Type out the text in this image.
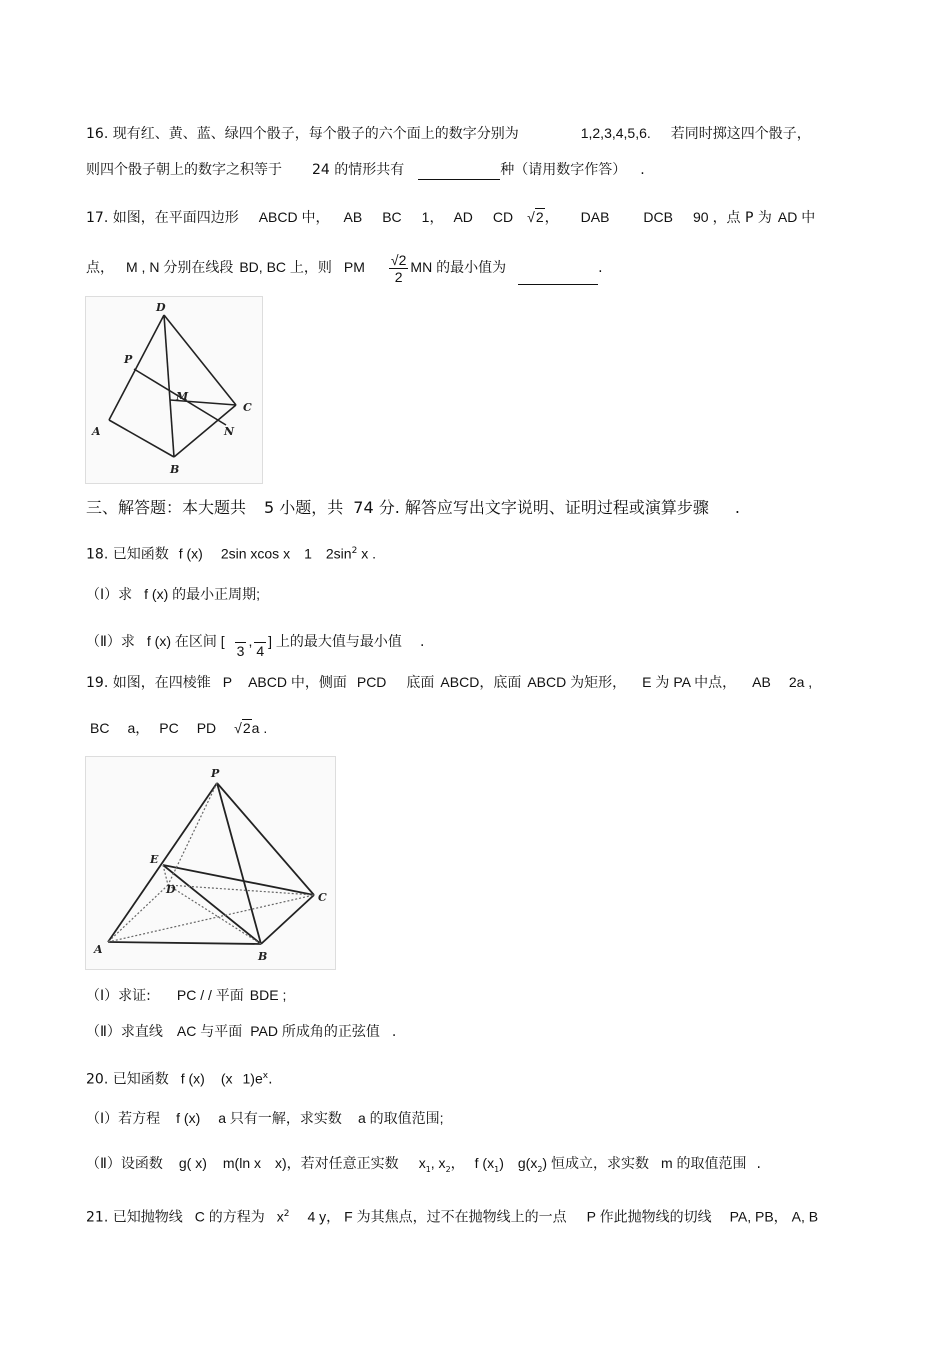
16. 现有红、黄、蓝、绿四个骰子，每个骰子的六个面上的数字分别为	1,2,3,4,5,6. 若同时掷这四个骰子，
则四个骰子朝上的数字之积等于 24 的情形共有	种（请用数字作答） .
17. 如图，在平面四边形 ABCD 中， AB BC 1， AD CD √2， DAB DCB 90 ，点 P 为 AD 中
点， M , N 分别在线段 BD, BC 上，则 PM $\frac{√2}{2}$ MN 的最小值为	.
D
P
M
C
A	N
B
三、解答题：本大题共 5 小题，共 74 分. 解答应写出文字说明、证明过程或演算步骤 .
18. 已知函数 f (x) 2sin xcos x 1 $2\sin^2$ x .
（Ⅰ）求 f (x) 的最小正周期;
（Ⅱ）求 f (x) 在区间 [

3
,

4
] 上的最大值与最小值 .
19. 如图，在四棱锥 P ABCD 中，侧面 PCD 底面 ABCD，底面 ABCD 为矩形， E 为 PA 中点， AB 2a ,
BC a， PC PD √2a .
P
E
D
C
A
B
（Ⅰ）求证: PC / / 平面 BDE ;
（Ⅱ）求直线 AC 与平面 PAD 所成角的正弦值 .
20. 已知函数 f (x) (x $1)e^x$.
（Ⅰ）若方程 f (x) a 只有一解，求实数 a 的取值范围;
（Ⅱ）设函数 g( x) m(ln x x)，若对任意正实数 $x_1$, $x_2$， f $(x_1)$ $g(x_2)$ 恒成立，求实数 m 的取值范围 .
21. 已知抛物线 C 的方程为 $x^2$ 4 y， F 为其焦点，过不在抛物线上的一点 P 作此抛物线的切线 PA, PB， A, B
